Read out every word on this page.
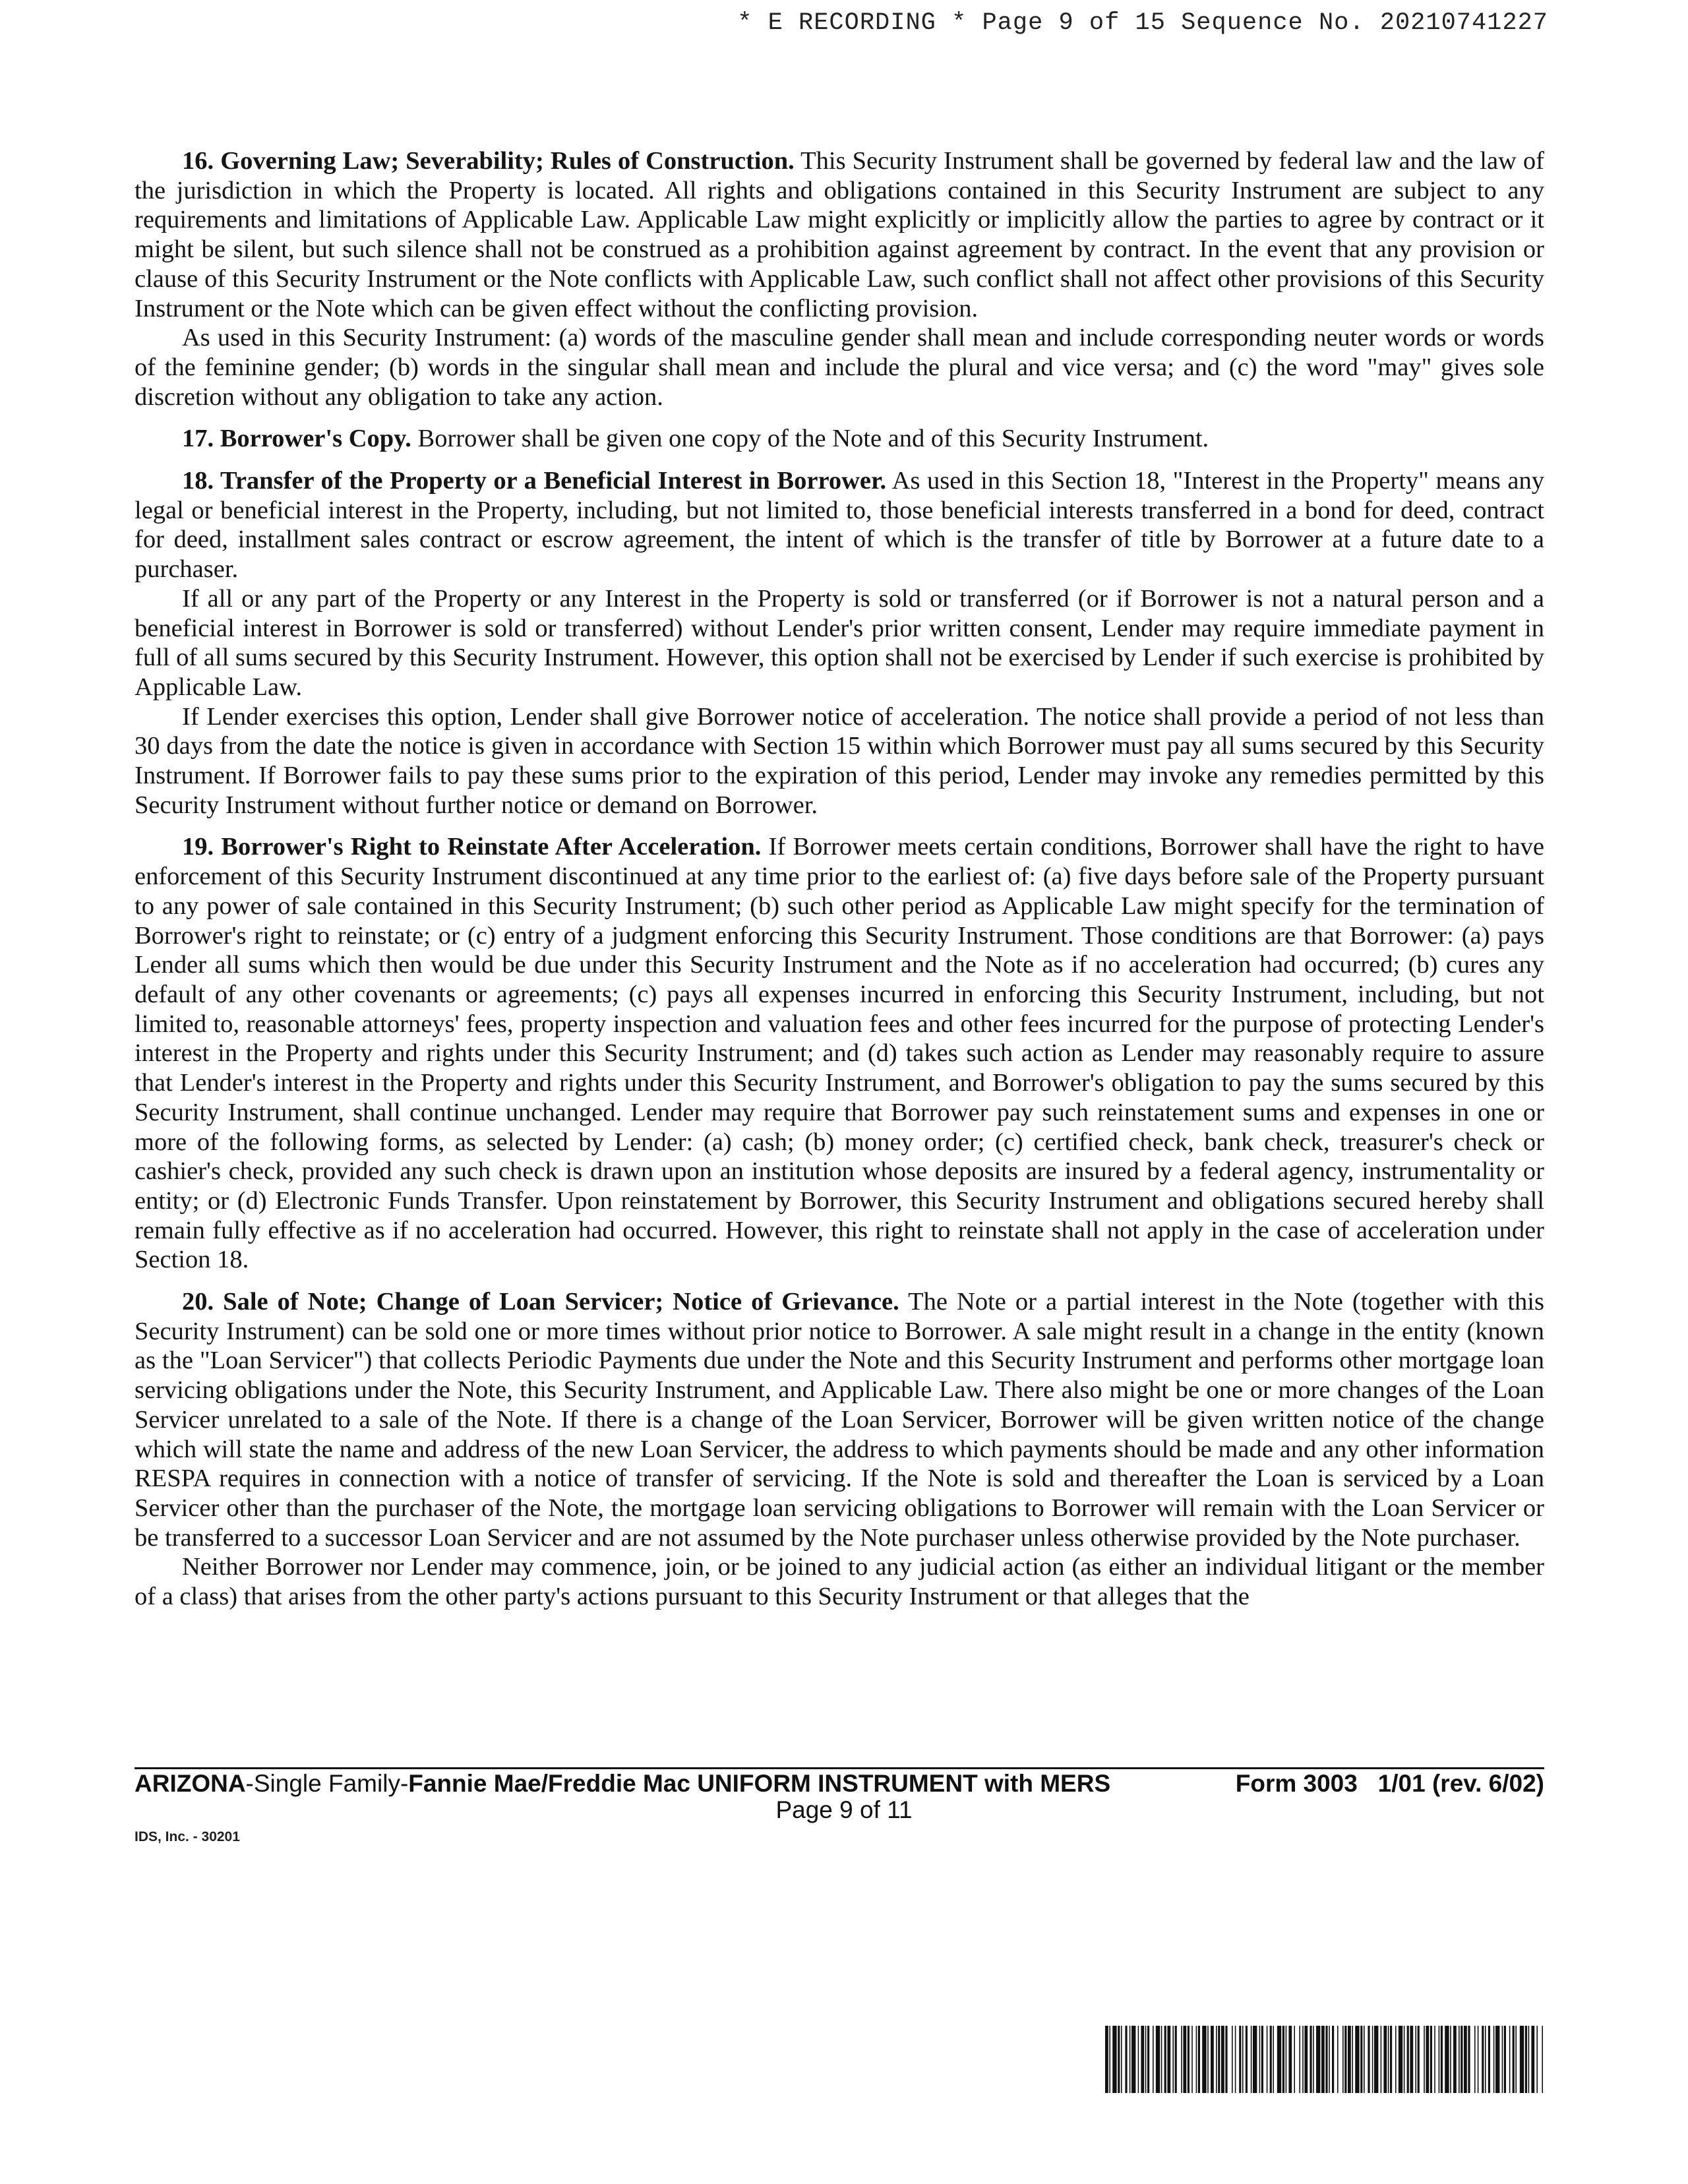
* E RECORDING * Page 9 of 15 Sequence No. 20210741227

16. Governing Law; Severability; Rules of Construction. This Security Instrument shall be governed by federal law and the law of the jurisdiction in which the Property is located. All rights and obligations contained in this Security Instrument are subject to any requirements and limitations of Applicable Law. Applicable Law might explicitly or implicitly allow the parties to agree by contract or it might be silent, but such silence shall not be construed as a prohibition against agreement by contract. In the event that any provision or clause of this Security Instrument or the Note conflicts with Applicable Law, such conflict shall not affect other provisions of this Security Instrument or the Note which can be given effect without the conflicting provision.

As used in this Security Instrument: (a) words of the masculine gender shall mean and include corresponding neuter words or words of the feminine gender; (b) words in the singular shall mean and include the plural and vice versa; and (c) the word "may" gives sole discretion without any obligation to take any action.

17. Borrower's Copy. Borrower shall be given one copy of the Note and of this Security Instrument.

18. Transfer of the Property or a Beneficial Interest in Borrower. As used in this Section 18, "Interest in the Property" means any legal or beneficial interest in the Property, including, but not limited to, those beneficial interests transferred in a bond for deed, contract for deed, installment sales contract or escrow agreement, the intent of which is the transfer of title by Borrower at a future date to a purchaser.

If all or any part of the Property or any Interest in the Property is sold or transferred (or if Borrower is not a natural person and a beneficial interest in Borrower is sold or transferred) without Lender's prior written consent, Lender may require immediate payment in full of all sums secured by this Security Instrument. However, this option shall not be exercised by Lender if such exercise is prohibited by Applicable Law.

If Lender exercises this option, Lender shall give Borrower notice of acceleration. The notice shall provide a period of not less than 30 days from the date the notice is given in accordance with Section 15 within which Borrower must pay all sums secured by this Security Instrument. If Borrower fails to pay these sums prior to the expiration of this period, Lender may invoke any remedies permitted by this Security Instrument without further notice or demand on Borrower.

19. Borrower's Right to Reinstate After Acceleration. If Borrower meets certain conditions, Borrower shall have the right to have enforcement of this Security Instrument discontinued at any time prior to the earliest of: (a) five days before sale of the Property pursuant to any power of sale contained in this Security Instrument; (b) such other period as Applicable Law might specify for the termination of Borrower's right to reinstate; or (c) entry of a judgment enforcing this Security Instrument. Those conditions are that Borrower: (a) pays Lender all sums which then would be due under this Security Instrument and the Note as if no acceleration had occurred; (b) cures any default of any other covenants or agreements; (c) pays all expenses incurred in enforcing this Security Instrument, including, but not limited to, reasonable attorneys' fees, property inspection and valuation fees and other fees incurred for the purpose of protecting Lender's interest in the Property and rights under this Security Instrument; and (d) takes such action as Lender may reasonably require to assure that Lender's interest in the Property and rights under this Security Instrument, and Borrower's obligation to pay the sums secured by this Security Instrument, shall continue unchanged. Lender may require that Borrower pay such reinstatement sums and expenses in one or more of the following forms, as selected by Lender: (a) cash; (b) money order; (c) certified check, bank check, treasurer's check or cashier's check, provided any such check is drawn upon an institution whose deposits are insured by a federal agency, instrumentality or entity; or (d) Electronic Funds Transfer. Upon reinstatement by Borrower, this Security Instrument and obligations secured hereby shall remain fully effective as if no acceleration had occurred. However, this right to reinstate shall not apply in the case of acceleration under Section 18.

20. Sale of Note; Change of Loan Servicer; Notice of Grievance. The Note or a partial interest in the Note (together with this Security Instrument) can be sold one or more times without prior notice to Borrower. A sale might result in a change in the entity (known as the "Loan Servicer") that collects Periodic Payments due under the Note and this Security Instrument and performs other mortgage loan servicing obligations under the Note, this Security Instrument, and Applicable Law. There also might be one or more changes of the Loan Servicer unrelated to a sale of the Note. If there is a change of the Loan Servicer, Borrower will be given written notice of the change which will state the name and address of the new Loan Servicer, the address to which payments should be made and any other information RESPA requires in connection with a notice of transfer of servicing. If the Note is sold and thereafter the Loan is serviced by a Loan Servicer other than the purchaser of the Note, the mortgage loan servicing obligations to Borrower will remain with the Loan Servicer or be transferred to a successor Loan Servicer and are not assumed by the Note purchaser unless otherwise provided by the Note purchaser.

Neither Borrower nor Lender may commence, join, or be joined to any judicial action (as either an individual litigant or the member of a class) that arises from the other party's actions pursuant to this Security Instrument or that alleges that the

ARIZONA-Single Family-Fannie Mae/Freddie Mac UNIFORM INSTRUMENT with MERS	Form 3003   1/01 (rev. 6/02)
Page 9 of 11
IDS, Inc. - 30201
